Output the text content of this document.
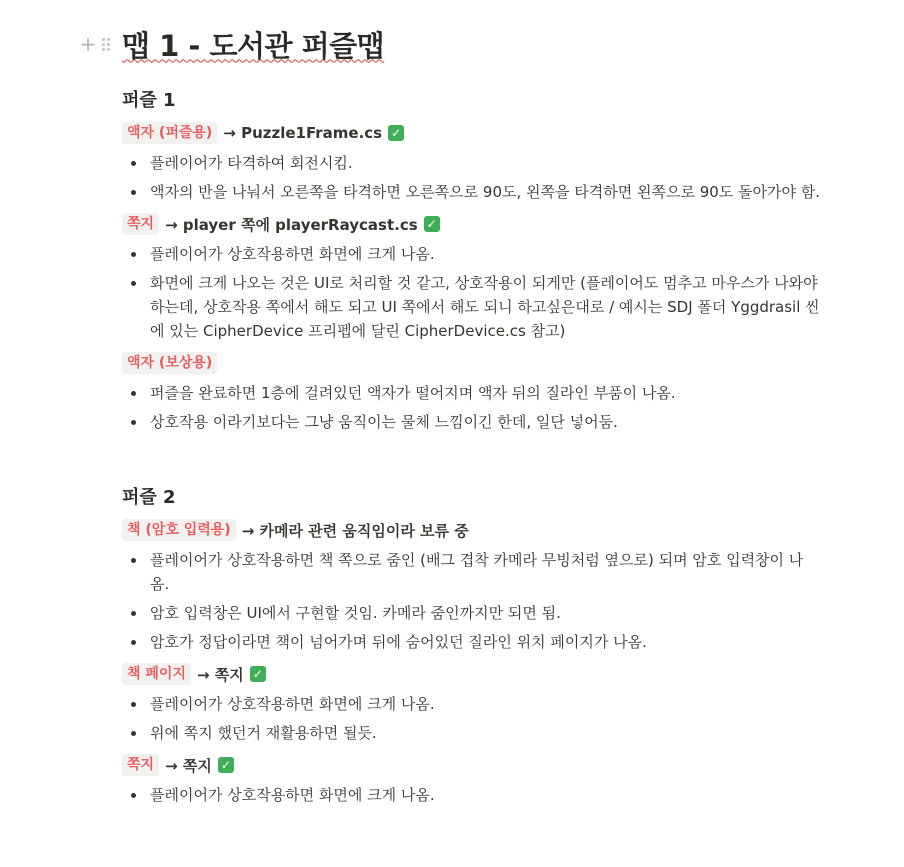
+ 맵 1 - 도서관 퍼즐맵
퍼즐 1
액자 (퍼즐용) → Puzzle1Frame.cs ✓
플레이어가 타격하여 회전시킴.
액자의 반을 나눠서 오른쪽을 타격하면 오른쪽으로 90도, 왼쪽을 타격하면 왼쪽으로 90도 돌아가야 함.
쪽지 → player 쪽에 playerRaycast.cs ✓
플레이어가 상호작용하면 화면에 크게 나옴.
화면에 크게 나오는 것은 UI로 처리할 것 같고, 상호작용이 되게만 (플레이어도 멈추고 마우스가 나와야 하는데, 상호작용 쪽에서 해도 되고 UI 쪽에서 해도 되니 하고싶은대로 / 예시는 SDJ 폴더 Yggdrasil 씬에 있는 CipherDevice 프리펩에 달린 CipherDevice.cs 참고)
액자 (보상용)
퍼즐을 완료하면 1층에 걸려있던 액자가 떨어지며 액자 뒤의 질라인 부품이 나옴.
상호작용 이라기보다는 그냥 움직이는 물체 느낌이긴 한데, 일단 넣어둠.
퍼즐 2
책 (암호 입력용) → 카메라 관련 움직임이라 보류 중
플레이어가 상호작용하면 책 쪽으로 줌인 (배그 겹착 카메라 무빙처럼 옆으로) 되며 암호 입력창이 나옴.
암호 입력창은 UI에서 구현할 것임. 카메라 줌인까지만 되면 됨.
암호가 정답이라면 책이 넘어가며 뒤에 숨어있던 질라인 위치 페이지가 나옴.
책 페이지 → 쪽지 ✓
플레이어가 상호작용하면 화면에 크게 나옴.
위에 쪽지 했던거 재활용하면 될듯.
쪽지 → 쪽지 ✓
플레이어가 상호작용하면 화면에 크게 나옴.
